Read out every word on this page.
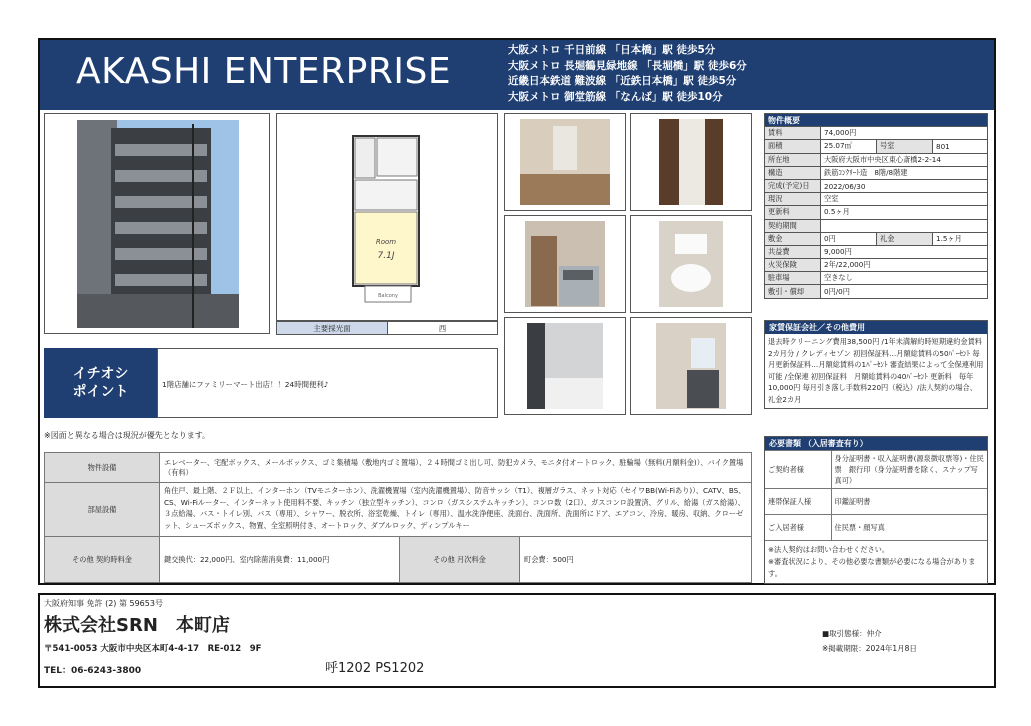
AKASHI ENTERPRISE
大阪メトロ 千日前線 「日本橋」駅 徒歩5分
大阪メトロ 長堀鶴見緑地線 「長堀橋」駅 徒歩6分
近畿日本鉄道 難波線 「近鉄日本橋」駅 徒歩5分
大阪メトロ 御堂筋線 「なんば」駅 徒歩10分
Room
7.1J
Balcony
主要採光面	西
物件概要			
賃料	74,000円		
面積	25.07㎡	号室	801
所在地	大阪府大阪市中央区東心斎橋2-2-14		
構造	鉄筋ｺﾝｸﾘｰﾄ造　8階/8階建		
完成(予定)日	2022/06/30		
現況	空室		
更新料	0.5ヶ月		
契約期間			
敷金	0円	礼金	1.5ヶ月
共益費	9,000円		
火災保険	2年/22,000円		
駐車場	空きなし		
敷引・償却	0円/0円		
家賃保証会社／その他費用
退去時クリーニング費用38,500円 /1年未満解約時短期違約金賃料2カ月分 / クレディセゾン 初回保証料…月額総賃料の50ﾊﾟｰｾﾝﾄ 毎月更新保証料…月額総賃料の1ﾊﾟｰｾﾝﾄ 審査結果によって全保連利用可能 /全保連 初回保証料　月額総賃料の40ﾊﾟｰｾﾝﾄ 更新料　毎年10,000円 毎月引き落し手数料220円（税込）/法人契約の場合、礼金2カ月
必要書類 （入居審査有り）
ご契約者様	身分証明書・収入証明書(源泉徴収票等)・住民票　銀行印（身分証明書を除く、スナップ写真可）
連帯保証人様	印鑑証明書
ご入居者様	住民票・顔写真
※法人契約はお問い合わせください。
※審査状況により、その他必要な書類が必要になる場合があります。
イチオシ
ポイント	1階店舗にファミリーマート出店！！24時間便利♪
※図面と異なる場合は現況が優先となります。
物件設備	エレベーター、宅配ボックス、メールボックス、ゴミ集積場（敷地内ゴミ置場）、２４時間ゴミ出し可、防犯カメラ、モニタ付オートロック、駐輪場（無料(月額料金)）、バイク置場（有料）		
部屋設備	角住戸、最上階、２Ｆ以上、インターホン（TVモニターホン）、洗濯機置場（室内洗濯機置場）、防音サッシ（T1）、複層ガラス、ネット対応（セイワBB(Wi-Fiあり)）、CATV、BS、CS、Wi-Fiルーター、インターネット使用料不要、キッチン（独立型キッチン）、コンロ（ガスシステムキッチン）、コンロ数（2口）、ガスコンロ設置済、グリル、給湯（ガス給湯）、３点給湯、バス・トイレ別、バス（専用）、シャワー、脱衣所、浴室乾燥、トイレ（専用）、温水洗浄便座、洗面台、洗面所、洗面所にドア、エアコン、冷房、暖房、収納、クローゼット、シューズボックス、物置、全室照明付き、オートロック、ダブルロック、ディンプルキー		

その他 契約時料金	鍵交換代：22,000円、室内除菌消臭費：11,000円	その他 月次料金	町会費：500円
大阪府知事 免許 (2) 第 59653号
株式会社SRN　本町店
〒541-0053 大阪市中央区本町4-4-17　RE-012　9F
TEL：06-6243-3800	呼1202 PS1202
■取引態様：仲介
※掲載期限：2024年1月8日
